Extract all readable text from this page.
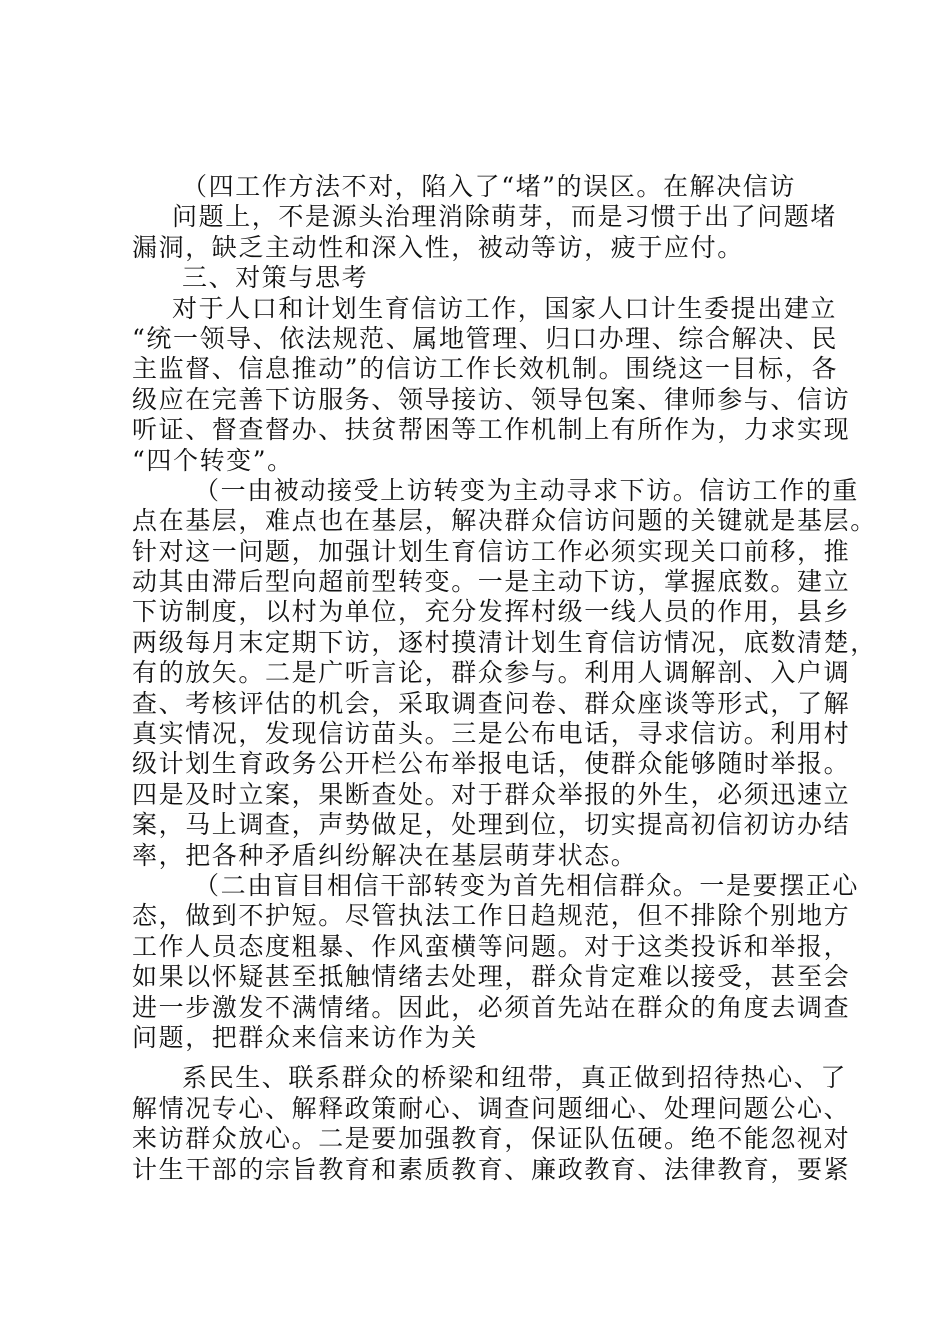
（四工作方法不对，陷入了“堵”的误区。在解决信访
问题上，不是源头治理消除萌芽，而是习惯于出了问题堵
漏洞，缺乏主动性和深入性，被动等访，疲于应付。
三、对策与思考
对于人口和计划生育信访工作，国家人口计生委提出建立
“统一领导、依法规范、属地管理、归口办理、综合解决、民
主监督、信息推动”的信访工作长效机制。围绕这一目标，各
级应在完善下访服务、领导接访、领导包案、律师参与、信访
听证、督查督办、扶贫帮困等工作机制上有所作为，力求实现
“四个转变”。
（一由被动接受上访转变为主动寻求下访。信访工作的重
点在基层，难点也在基层，解决群众信访问题的关键就是基层。
针对这一问题，加强计划生育信访工作必须实现关口前移，推
动其由滞后型向超前型转变。一是主动下访，掌握底数。建立
下访制度，以村为单位，充分发挥村级一线人员的作用，县乡
两级每月末定期下访，逐村摸清计划生育信访情况，底数清楚，
有的放矢。二是广听言论，群众参与。利用人调解剖、入户调
查、考核评估的机会，采取调查问卷、群众座谈等形式，了解
真实情况，发现信访苗头。三是公布电话，寻求信访。利用村
级计划生育政务公开栏公布举报电话，使群众能够随时举报。
四是及时立案，果断查处。对于群众举报的外生，必须迅速立
案，马上调查，声势做足，处理到位，切实提高初信初访办结
率，把各种矛盾纠纷解决在基层萌芽状态。
（二由盲目相信干部转变为首先相信群众。一是要摆正心
态，做到不护短。尽管执法工作日趋规范，但不排除个别地方
工作人员态度粗暴、作风蛮横等问题。对于这类投诉和举报，
如果以怀疑甚至抵触情绪去处理，群众肯定难以接受，甚至会
进一步激发不满情绪。因此，必须首先站在群众的角度去调查
问题，把群众来信来访作为关
系民生、联系群众的桥梁和纽带，真正做到招待热心、了
解情况专心、解释政策耐心、调查问题细心、处理问题公心、
来访群众放心。二是要加强教育，保证队伍硬。绝不能忽视对
计生干部的宗旨教育和素质教育、廉政教育、法律教育，要紧
